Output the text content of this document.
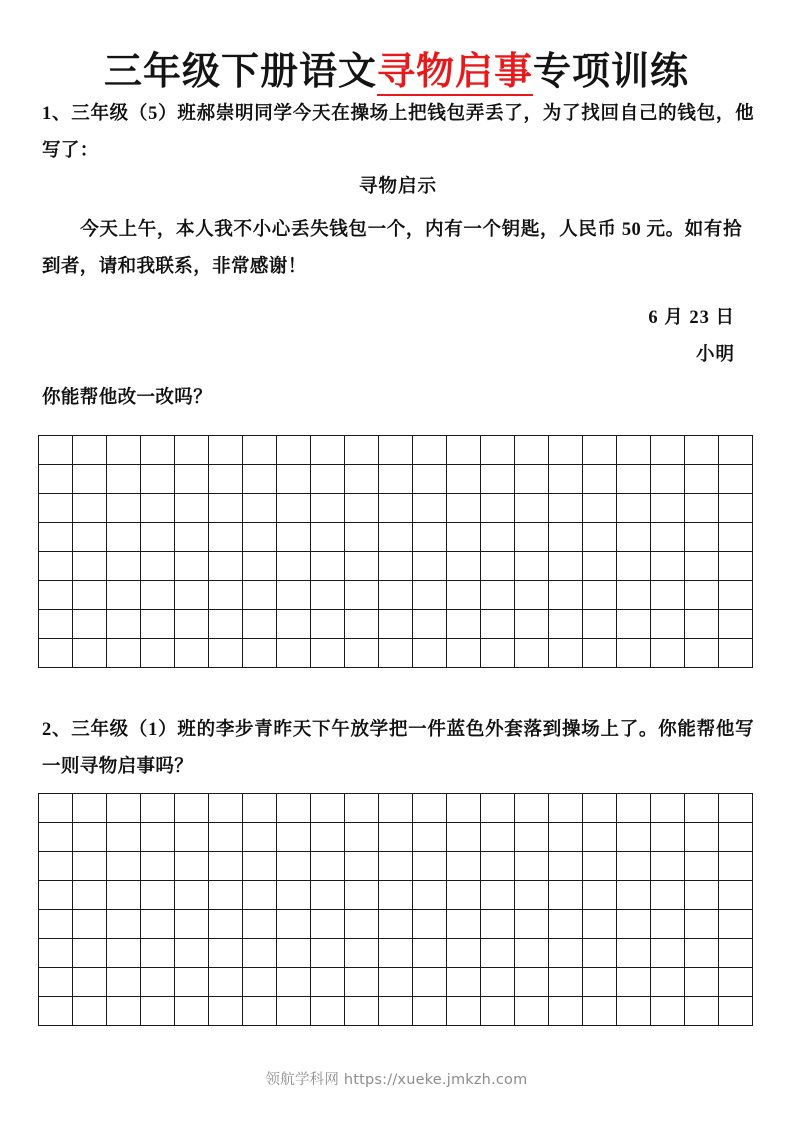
三年级下册语文寻物启事专项训练
1、三年级（5）班郝崇明同学今天在操场上把钱包弄丢了，为了找回自己的钱包，他写了：
寻物启示
今天上午，本人我不小心丢失钱包一个，内有一个钥匙，人民币 50 元。如有拾到者，请和我联系，非常感谢！
6 月 23 日
小明
你能帮他改一改吗？
2、三年级（1）班的李步青昨天下午放学把一件蓝色外套落到操场上了。你能帮他写一则寻物启事吗？
领航学科网 https://xueke.jmkzh.com
